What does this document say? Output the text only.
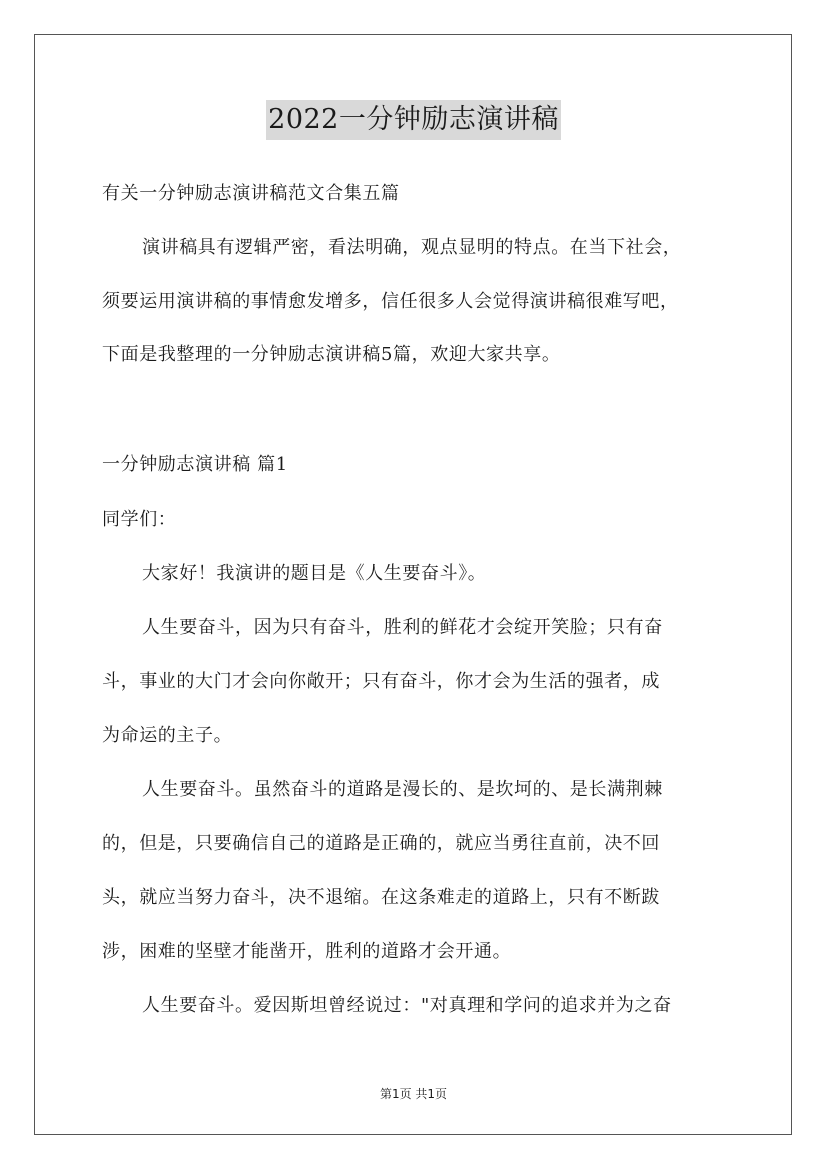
2022一分钟励志演讲稿
有关一分钟励志演讲稿范文合集五篇
演讲稿具有逻辑严密，看法明确，观点显明的特点。在当下社会，
须要运用演讲稿的事情愈发增多，信任很多人会觉得演讲稿很难写吧，
下面是我整理的一分钟励志演讲稿5篇，欢迎大家共享。
一分钟励志演讲稿 篇1
同学们：
大家好！我演讲的题目是《人生要奋斗》。
人生要奋斗，因为只有奋斗，胜利的鲜花才会绽开笑脸；只有奋
斗，事业的大门才会向你敞开；只有奋斗，你才会为生活的强者，成
为命运的主子。
人生要奋斗。虽然奋斗的道路是漫长的、是坎坷的、是长满荆棘
的，但是，只要确信自己的道路是正确的，就应当勇往直前，决不回
头，就应当努力奋斗，决不退缩。在这条难走的道路上，只有不断跋
涉，困难的坚壁才能凿开，胜利的道路才会开通。
人生要奋斗。爱因斯坦曾经说过："对真理和学问的追求并为之奋
第1页 共1页
